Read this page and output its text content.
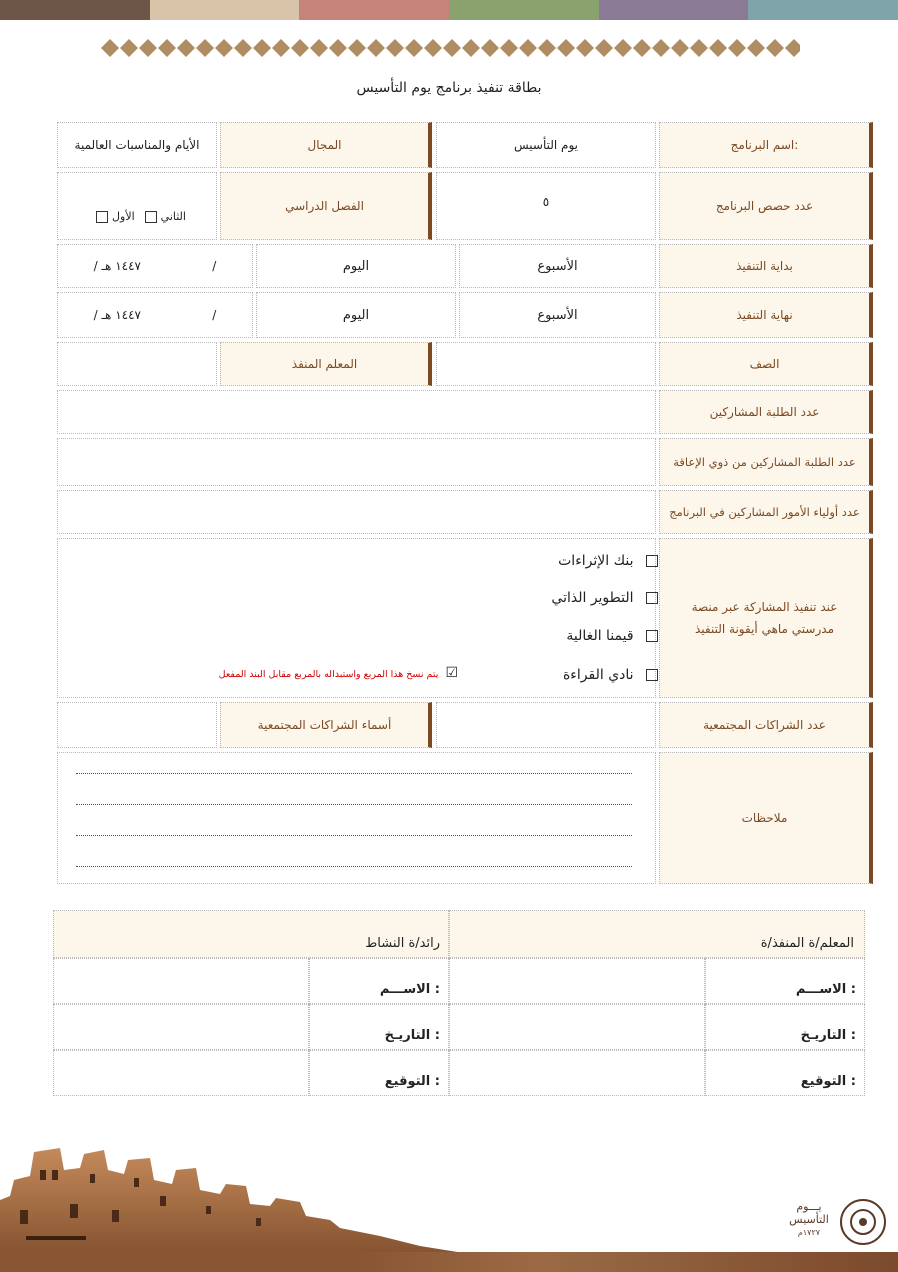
بطاقة تنفيذ برنامج يوم التأسيس
اسم البرنامج:
يوم التأسيس
المجال
الأيام والمناسبات العالمية
عدد حصص البرنامج
٥
الفصل الدراسي
الأول الثاني
بداية التنفيذ
الأسبوع
اليوم
/ ١٤٤٧ هـ	/
نهاية التنفيذ
الأسبوع
اليوم
/ ١٤٤٧ هـ	/
الصف
المعلم المنفذ
عدد الطلبة المشاركين
عدد الطلبة المشاركين من ذوي الإعاقة
عدد أولياء الأمور المشاركين في البرنامج
عند تنفيذ المشاركة عبر منصة
مدرستي ماهي أيقونة التنفيذ
بنك الإثراءات
التطوير الذاتي
قيمنا الغالية
نادي القراءة
☑ يتم نسخ هذا المربع واستبداله بالمربع مقابل البند المفعل
عدد الشراكات المجتمعية
أسماء الشراكات المجتمعية
ملاحظات
المعلم/ة المنفذ/ة
رائد/ة النشاط
الاســـم :
التاريـخ :
التوقيع :
الاســـم :
التاريـخ :
التوقيع :
يـــوم
التأسيس
١٧٢٧م
